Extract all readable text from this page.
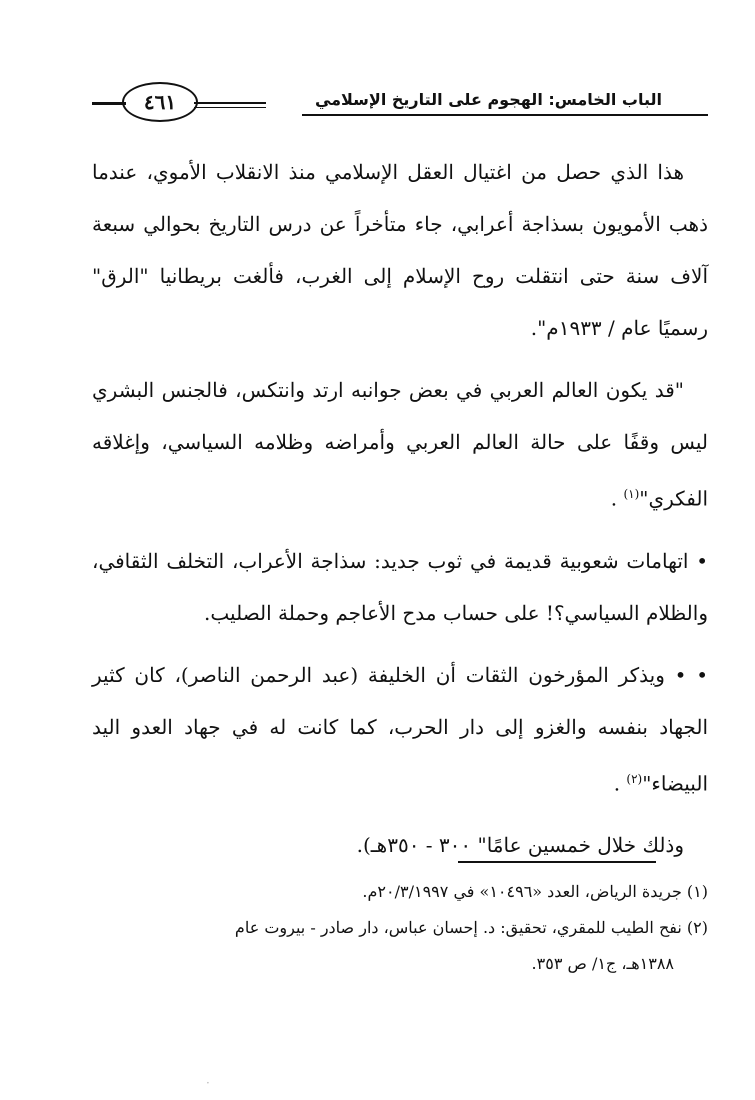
٤٦١	الباب الخامس: الهجوم على التاريخ الإسلامي

هذا الذي حصل من اغتيال العقل الإسلامي منذ الانقلاب الأموي، عندما ذهب الأمويون بسذاجة أعرابي، جاء متأخراً عن درس التاريخ بحوالي سبعة آلاف سنة حتى انتقلت روح الإسلام إلى الغرب، فألغت بريطانيا "الرق" رسميًا عام / ١٩٣٣م".

"قد يكون العالم العربي في بعض جوانبه ارتد وانتكس، فالجنس البشري ليس وقفًا على حالة العالم العربي وأمراضه وظلامه السياسي، وإغلاقه الفكري"$^{(١)}$ .

• اتهامات شعوبية قديمة في ثوب جديد: سذاجة الأعراب، التخلف الثقافي، والظلام السياسي؟! على حساب مدح الأعاجم وحملة الصليب.

• • ويذكر المؤرخون الثقات أن الخليفة (عبد الرحمن الناصر)، كان كثير الجهاد بنفسه والغزو إلى دار الحرب، كما كانت له في جهاد العدو اليد البيضاء"$^{(٢)}$ .

وذلك خلال خمسين عامًا" ٣٠٠ - ٣٥٠هـ).

(١) جريدة الرياض، العدد «١٠٤٩٦» في ٢٠/٣/١٩٩٧م.

(٢) نفح الطيب للمقري، تحقيق: د. إحسان عباس، دار صادر - بيروت عام
١٣٨٨هـ، ج١/ ص ٣٥٣.

·
